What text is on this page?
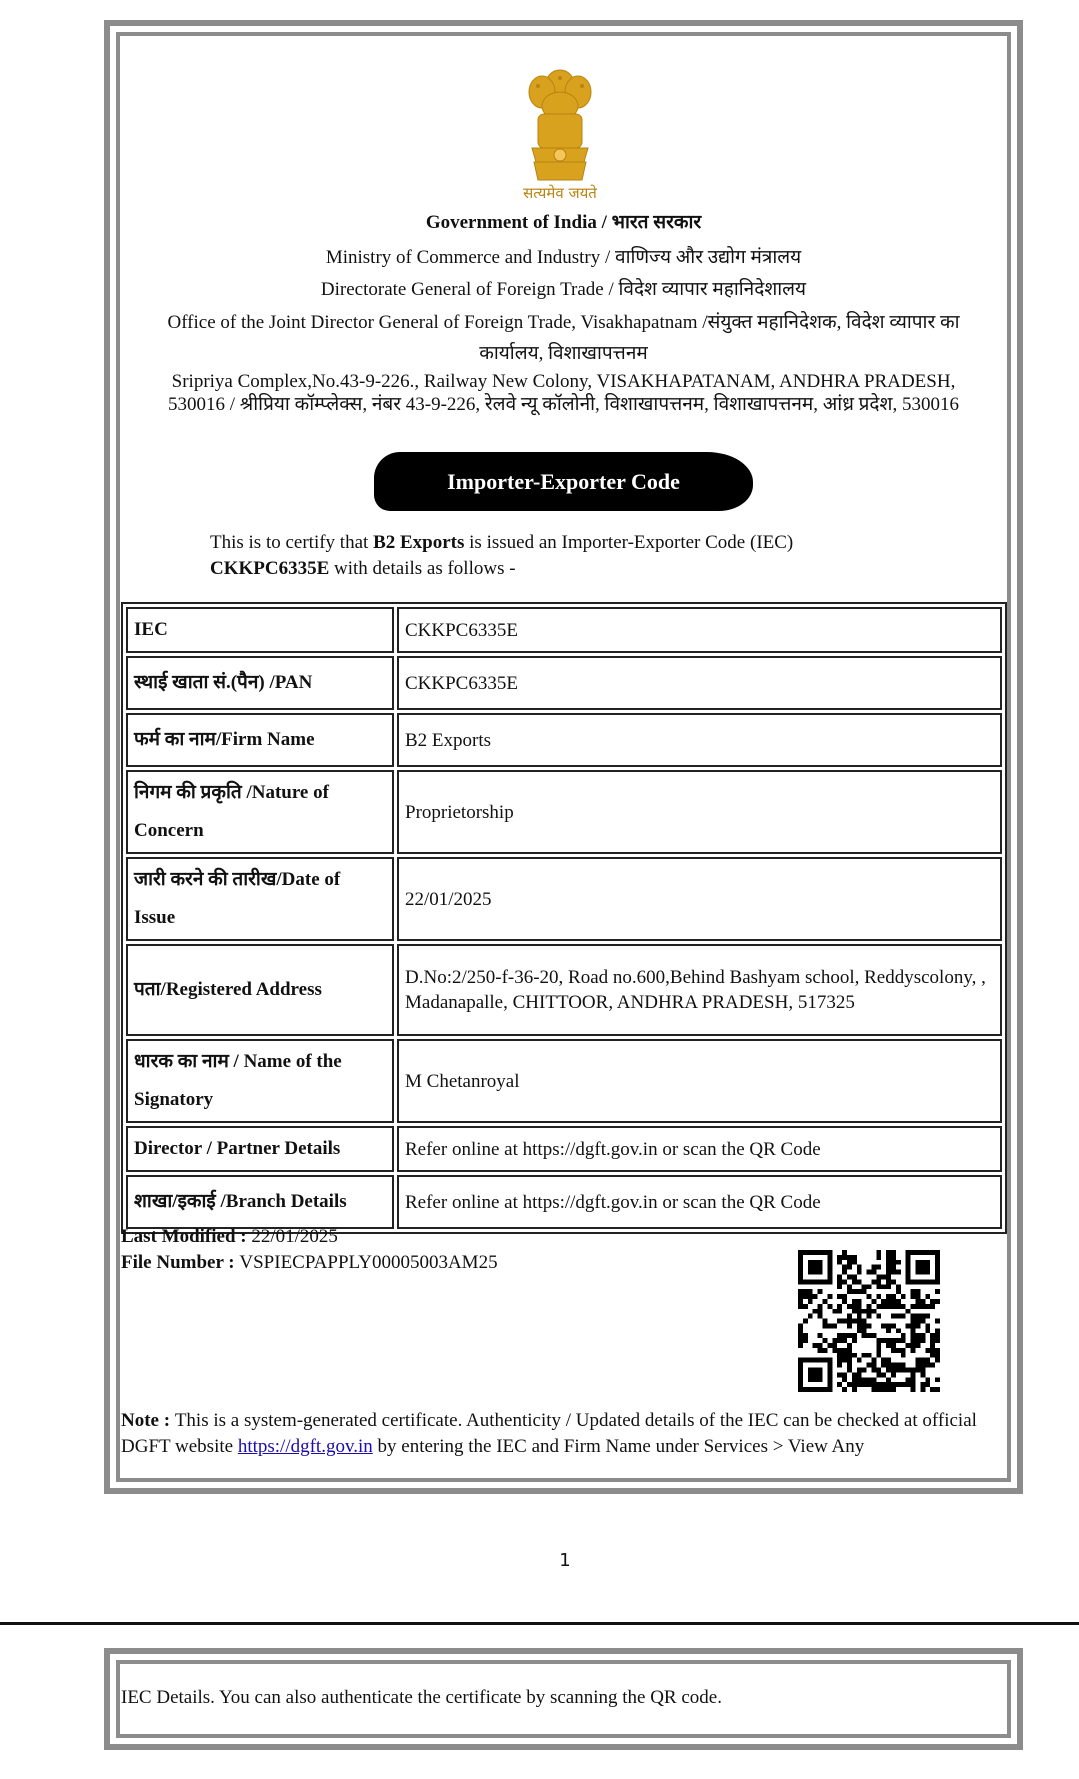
सत्यमेव जयते
Government of India / भारत सरकार
Ministry of Commerce and Industry / वाणिज्य और उद्योग मंत्रालय
Directorate General of Foreign Trade / विदेश व्यापार महानिदेशालय
Office of the Joint Director General of Foreign Trade, Visakhapatnam /संयुक्त महानिदेशक, विदेश व्यापार का
कार्यालय, विशाखापत्तनम
Sripriya Complex,No.43-9-226., Railway New Colony, VISAKHAPATANAM, ANDHRA PRADESH,
530016 / श्रीप्रिया कॉम्प्लेक्स, नंबर 43-9-226, रेलवे न्यू कॉलोनी, विशाखापत्तनम, विशाखापत्तनम, आंध्र प्रदेश, 530016
Importer-Exporter Code
This is to certify that B2 Exports is issued an Importer-Exporter Code (IEC)
CKKPC6335E with details as follows -
IEC	CKKPC6335E
स्थाई खाता सं.(पैन) /PAN	CKKPC6335E
फर्म का नाम/Firm Name	B2 Exports
निगम की प्रकृति /Nature of Concern	Proprietorship
जारी करने की तारीख/Date of Issue	22/01/2025
पता/Registered Address	D.No:2/250-f-36-20, Road no.600,Behind Bashyam school, Reddyscolony, , Madanapalle, CHITTOOR, ANDHRA PRADESH, 517325
धारक का नाम / Name of the Signatory	M Chetanroyal
Director / Partner Details	Refer online at https://dgft.gov.in or scan the QR Code
शाखा/इकाई /Branch Details	Refer online at https://dgft.gov.in or scan the QR Code
Last Modified : 22/01/2025
File Number : VSPIECPAPPLY00005003AM25
Note : This is a system-generated certificate. Authenticity / Updated details of the IEC can be checked at official DGFT website https://dgft.gov.in by entering the IEC and Firm Name under Services > View Any
1
IEC Details. You can also authenticate the certificate by scanning the QR code.
